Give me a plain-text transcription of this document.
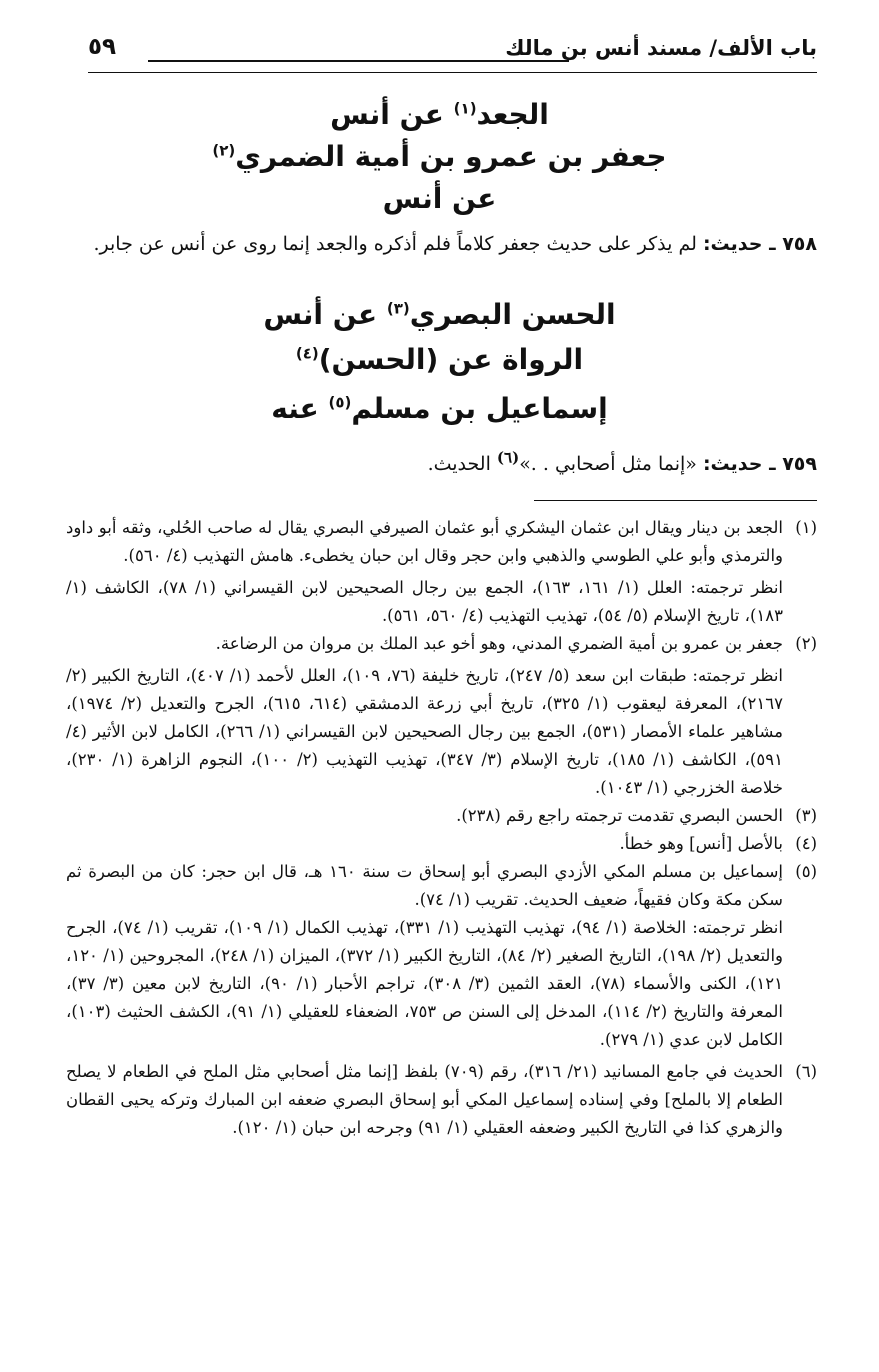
باب الألف/ مسند أنس بن مالك
٥٩
الجعد$^{(١)}$ عن أنس
جعفر بن عمرو بن أمية الضمري$^{(٢)}$
عن أنس
٧٥٨ ـ حديث: لم يذكر على حديث جعفر كلاماً فلم أذكره والجعد إنما روى عن أنس عن جابر.
الحسن البصري$^{(٣)}$ عن أنس
الرواة عن (الحسن)$^{(٤)}$
إسماعيل بن مسلم$^{(٥)}$ عنه
٧٥٩ ـ حديث: «إنما مثل أصحابي . .»$^{(٦)}$ الحديث.
(١)

الجعد بن دينار ويقال ابن عثمان اليشكري أبو عثمان الصيرفي البصري يقال له صاحب الحُلي، وثقه أبو داود والترمذي وأبو علي الطوسي والذهبي وابن حجر وقال ابن حبان يخطىء. هامش التهذيب (٤/ ٥٦٠).

انظر ترجمته: العلل (١/ ١٦١، ١٦٣)، الجمع بين رجال الصحيحين لابن القيسراني (١/ ٧٨)، الكاشف (١/ ١٨٣)، تاريخ الإسلام (٥/ ٥٤)، تهذيب التهذيب (٤/ ٥٦٠، ٥٦١).

(٢)

جعفر بن عمرو بن أمية الضمري المدني، وهو أخو عبد الملك بن مروان من الرضاعة.

انظر ترجمته: طبقات ابن سعد (٥/ ٢٤٧)، تاريخ خليفة (٧٦، ١٠٩)، العلل لأحمد (١/ ٤٠٧)، التاريخ الكبير (٢/ ٢١٦٧)، المعرفة ليعقوب (١/ ٣٢٥)، تاريخ أبي زرعة الدمشقي (٦١٤، ٦١٥)، الجرح والتعديل (٢/ ١٩٧٤)، مشاهير علماء الأمصار (٥٣١)، الجمع بين رجال الصحيحين لابن القيسراني (١/ ٢٦٦)، الكامل لابن الأثير (٤/ ٥٩١)، الكاشف (١/ ١٨٥)، تاريخ الإسلام (٣/ ٣٤٧)، تهذيب التهذيب (٢/ ١٠٠)، النجوم الزاهرة (١/ ٢٣٠)، خلاصة الخزرجي (١/ ١٠٤٣).

(٣)

الحسن البصري تقدمت ترجمته راجع رقم (٢٣٨).

(٤)

بالأصل [أنس] وهو خطأ.

(٥)

إسماعيل بن مسلم المكي الأزدي البصري أبو إسحاق ت سنة ١٦٠ هـ، قال ابن حجر: كان من البصرة ثم سكن مكة وكان فقيهاً، ضعيف الحديث. تقريب (١/ ٧٤).

انظر ترجمته: الخلاصة (١/ ٩٤)، تهذيب التهذيب (١/ ٣٣١)، تهذيب الكمال (١/ ١٠٩)، تقريب (١/ ٧٤)، الجرح والتعديل (٢/ ١٩٨)، التاريخ الصغير (٢/ ٨٤)، التاريخ الكبير (١/ ٣٧٢)، الميزان (١/ ٢٤٨)، المجروحين (١/ ١٢٠، ١٢١)، الكنى والأسماء (٧٨)، العقد الثمين (٣/ ٣٠٨)، تراجم الأحبار (١/ ٩٠)، التاريخ لابن معين (٣/ ٣٧)، المعرفة والتاريخ (٢/ ١١٤)، المدخل إلى السنن ص ٧٥٣، الضعفاء للعقيلي (١/ ٩١)، الكشف الحثيث (١٠٣)، الكامل لابن عدي (١/ ٢٧٩).

(٦)

الحديث في جامع المسانيد (٢١/ ٣١٦)، رقم (٧٠٩) بلفظ [إنما مثل أصحابي مثل الملح في الطعام لا يصلح الطعام إلا بالملح] وفي إسناده إسماعيل المكي أبو إسحاق البصري ضعفه ابن المبارك وتركه يحيى القطان والزهري كذا في التاريخ الكبير وضعفه العقيلي (١/ ٩١) وجرحه ابن حبان (١/ ١٢٠).
